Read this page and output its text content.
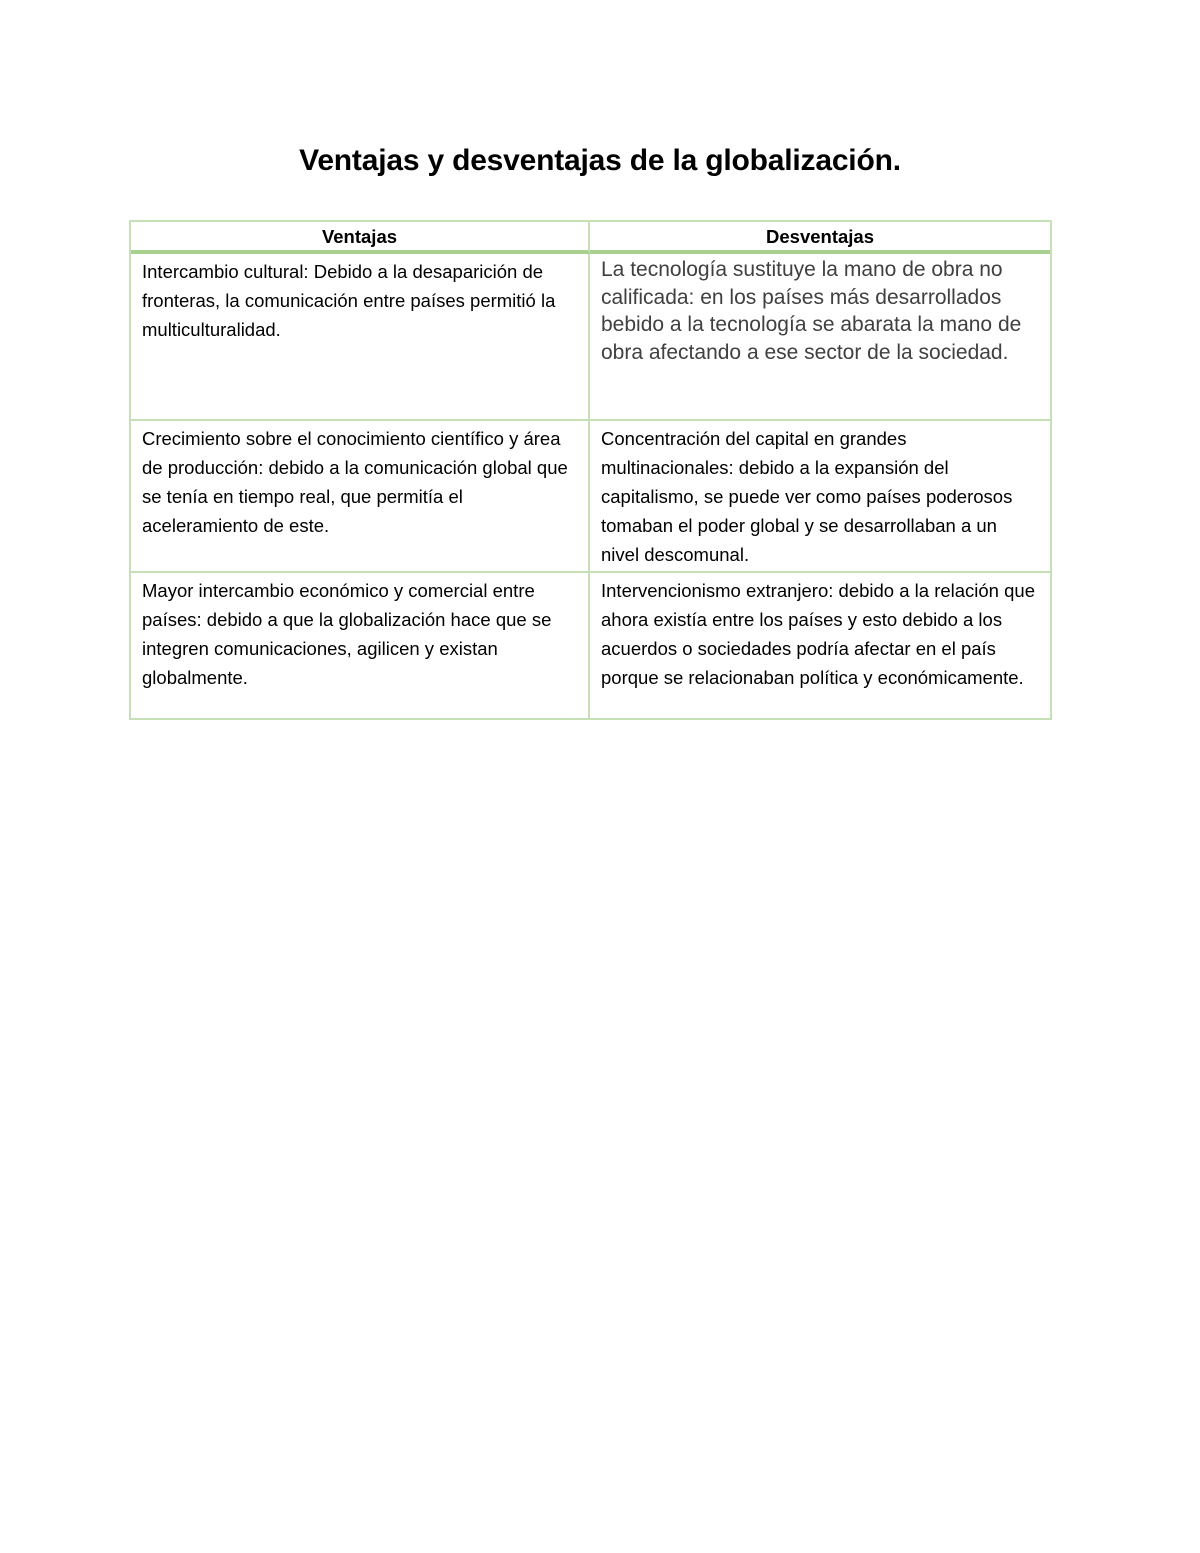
Ventajas y desventajas de la globalización.
Ventajas	Desventajas
Intercambio cultural: Debido a la desaparición de fronteras, la comunicación entre países permitió la multiculturalidad.	La tecnología sustituye la mano de obra no calificada: en los países más desarrollados bebido a la tecnología se abarata la mano de obra afectando a ese sector de la sociedad.
Crecimiento sobre el conocimiento científico y área de producción: debido a la comunicación global que se tenía en tiempo real, que permitía el aceleramiento de este.	Concentración del capital en grandes multinacionales: debido a la expansión del capitalismo, se puede ver como países poderosos tomaban el poder global y se desarrollaban a un nivel descomunal.
Mayor intercambio económico y comercial entre países: debido a que la globalización hace que se integren comunicaciones, agilicen y existan globalmente.	Intervencionismo extranjero: debido a la relación que ahora existía entre los países y esto debido a los acuerdos o sociedades podría afectar en el país porque se relacionaban política y económicamente.
